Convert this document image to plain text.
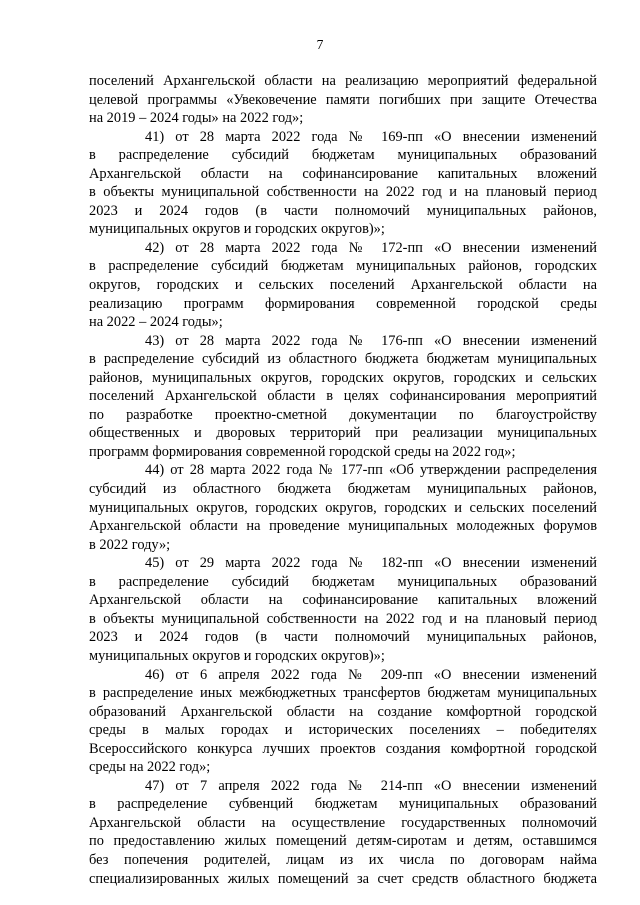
7
поселений Архангельской области на реализацию мероприятий федеральной
целевой программы «Увековечение памяти погибших при защите Отечества
на 2019 – 2024 годы» на 2022 год»;
41) от 28 марта 2022 года № 169-пп «О внесении изменений
в распределение субсидий бюджетам муниципальных образований
Архангельской области на софинансирование капитальных вложений
в объекты муниципальной собственности на 2022 год и на плановый период
2023 и 2024 годов (в части полномочий муниципальных районов,
муниципальных округов и городских округов)»;
42) от 28 марта 2022 года № 172-пп «О внесении изменений
в распределение субсидий бюджетам муниципальных районов, городских
округов, городских и сельских поселений Архангельской области на
реализацию программ формирования современной городской среды
на 2022 – 2024 годы»;
43) от 28 марта 2022 года № 176-пп «О внесении изменений
в распределение субсидий из областного бюджета бюджетам муниципальных
районов, муниципальных округов, городских округов, городских и сельских
поселений Архангельской области в целях софинансирования мероприятий
по разработке проектно-сметной документации по благоустройству
общественных и дворовых территорий при реализации муниципальных
программ формирования современной городской среды на 2022 год»;
44) от 28 марта 2022 года № 177-пп «Об утверждении распределения
субсидий из областного бюджета бюджетам муниципальных районов,
муниципальных округов, городских округов, городских и сельских поселений
Архангельской области на проведение муниципальных молодежных форумов
в 2022 году»;
45) от 29 марта 2022 года № 182-пп «О внесении изменений
в распределение субсидий бюджетам муниципальных образований
Архангельской области на софинансирование капитальных вложений
в объекты муниципальной собственности на 2022 год и на плановый период
2023 и 2024 годов (в части полномочий муниципальных районов,
муниципальных округов и городских округов)»;
46) от 6 апреля 2022 года № 209-пп «О внесении изменений
в распределение иных межбюджетных трансфертов бюджетам муниципальных
образований Архангельской области на создание комфортной городской
среды в малых городах и исторических поселениях – победителях
Всероссийского конкурса лучших проектов создания комфортной городской
среды на 2022 год»;
47) от 7 апреля 2022 года № 214-пп «О внесении изменений
в распределение субвенций бюджетам муниципальных образований
Архангельской области на осуществление государственных полномочий
по предоставлению жилых помещений детям-сиротам и детям, оставшимся
без попечения родителей, лицам из их числа по договорам найма
специализированных жилых помещений за счет средств областного бюджета
